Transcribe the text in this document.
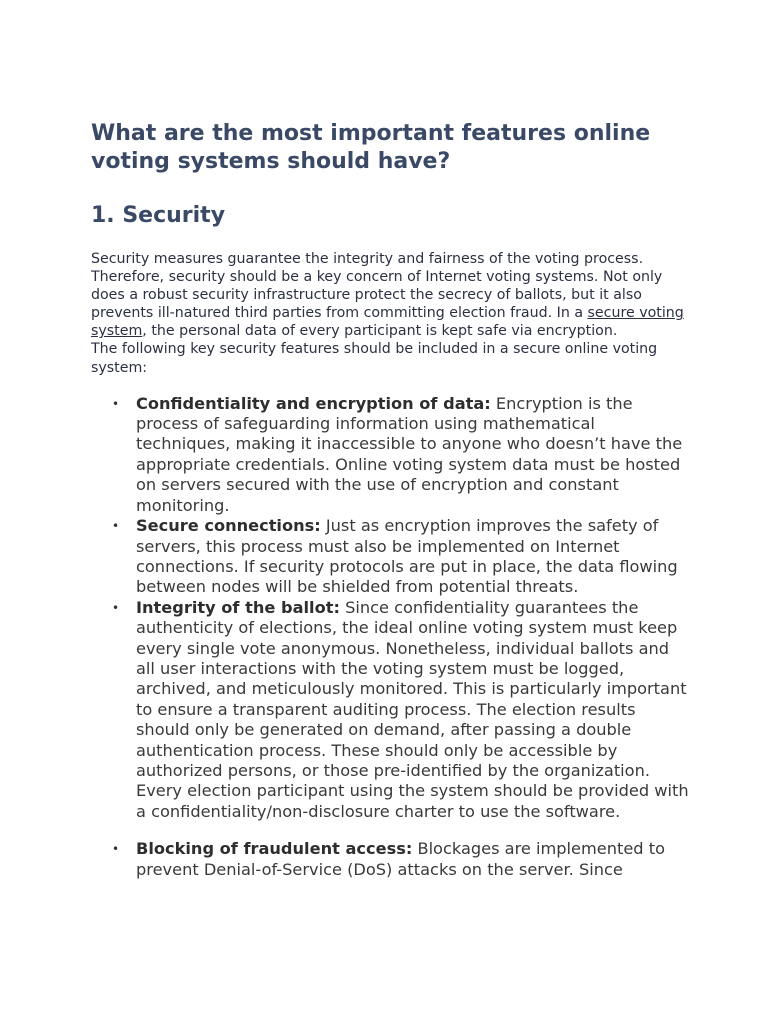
What are the most important features online voting systems should have?
1. Security

Security measures guarantee the integrity and fairness of the voting process. Therefore, security should be a key concern of Internet voting systems. Not only does a robust security infrastructure protect the secrecy of ballots, but it also prevents ill-natured third parties from committing election fraud. In a secure voting system, the personal data of every participant is kept safe via encryption.

The following key security features should be included in a secure online voting system:

• Confidentiality and encryption of data: Encryption is the process of safeguarding information using mathematical techniques, making it inaccessible to anyone who doesn’t have the appropriate credentials. Online voting system data must be hosted on servers secured with the use of encryption and constant monitoring.
• Secure connections: Just as encryption improves the safety of servers, this process must also be implemented on Internet connections. If security protocols are put in place, the data flowing between nodes will be shielded from potential threats.
• Integrity of the ballot: Since confidentiality guarantees the authenticity of elections, the ideal online voting system must keep every single vote anonymous. Nonetheless, individual ballots and all user interactions with the voting system must be logged, archived, and meticulously monitored. This is particularly important to ensure a transparent auditing process. The election results should only be generated on demand, after passing a double authentication process. These should only be accessible by authorized persons, or those pre-identified by the organization. Every election participant using the system should be provided with a confidentiality/non-disclosure charter to use the software.
• Blocking of fraudulent access: Blockages are implemented to prevent Denial-of-Service (DoS) attacks on the server. Since
